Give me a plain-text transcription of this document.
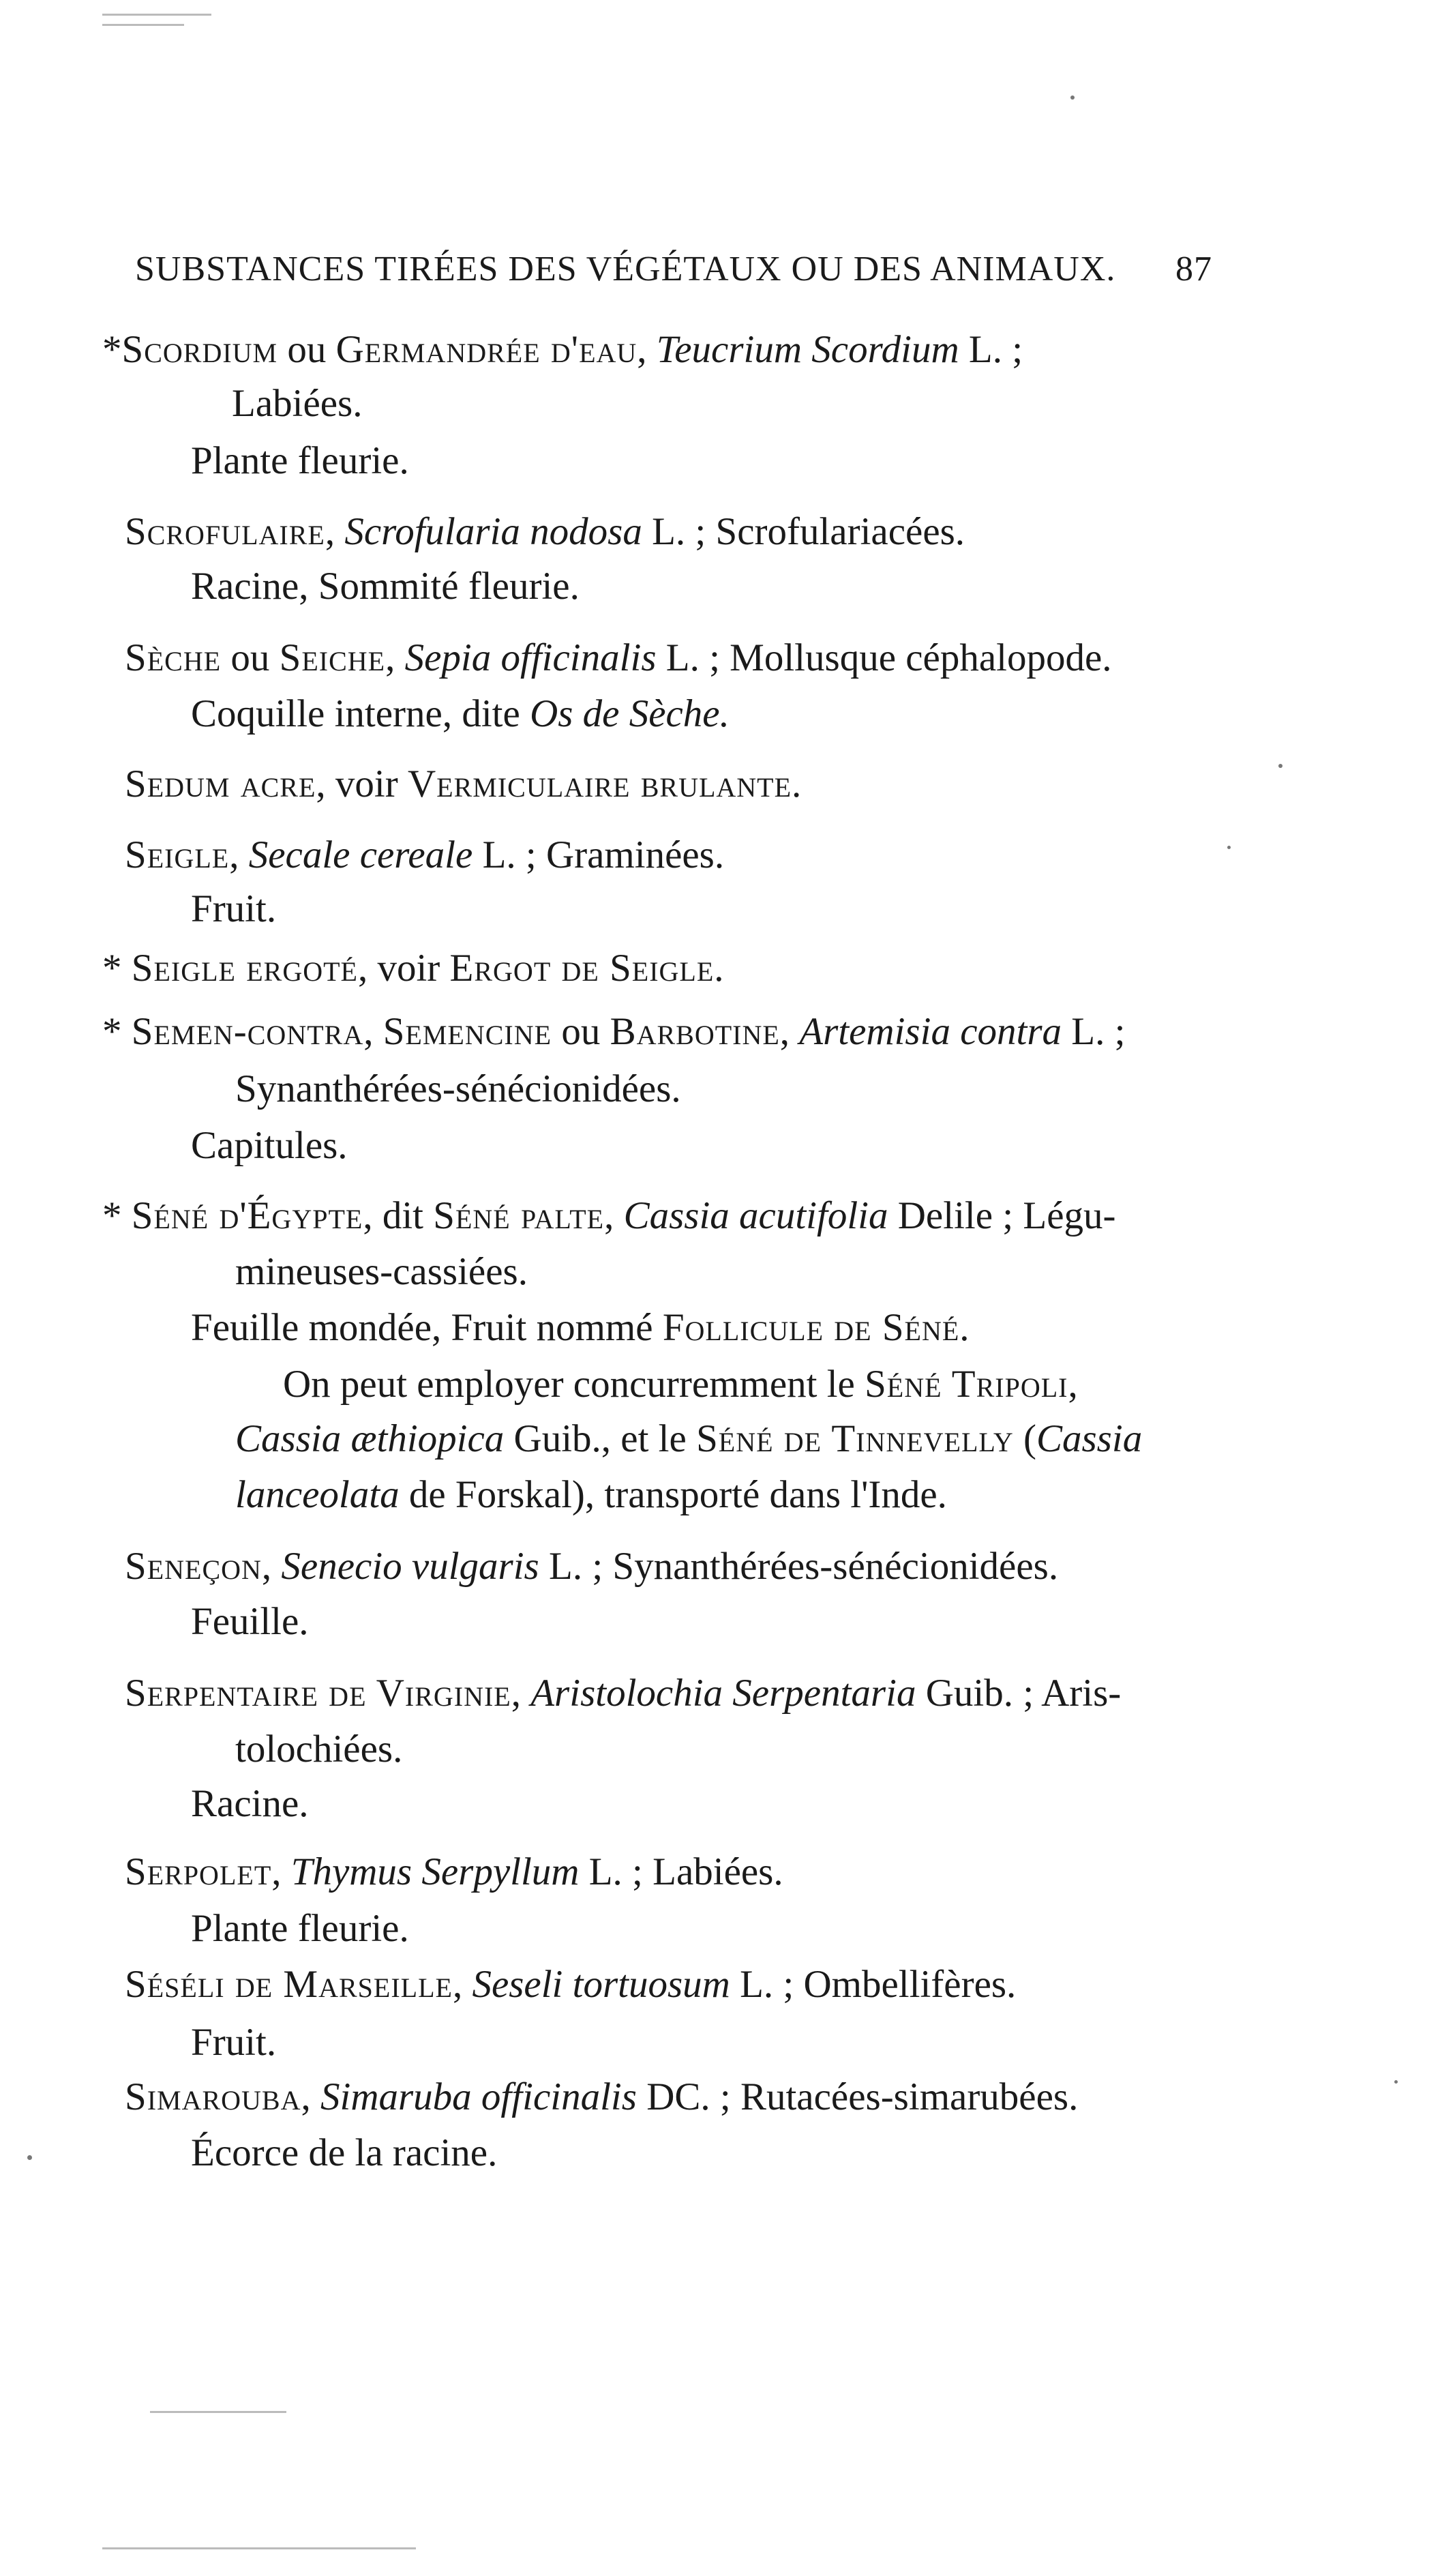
SUBSTANCES TIRÉES DES VÉGÉTAUX OU DES ANIMAUX. 87
*Scordium ou Germandrée d'eau, Teucrium Scordium L. ;
Labiées.
Plante fleurie.
Scrofulaire, Scrofularia nodosa L. ; Scrofulariacées.
Racine, Sommité fleurie.
Sèche ou Seiche, Sepia officinalis L. ; Mollusque céphalopode.
Coquille interne, dite Os de Sèche.
Sedum acre, voir Vermiculaire brulante.
Seigle, Secale cereale L. ; Graminées.
Fruit.
* Seigle ergoté, voir Ergot de Seigle.
* Semen-contra, Semencine ou Barbotine, Artemisia contra L. ;
Synanthérées-sénécionidées.
Capitules.
* Séné d'Égypte, dit Séné palte, Cassia acutifolia Delile ; Légu-
mineuses-cassiées.
Feuille mondée, Fruit nommé Follicule de Séné.
On peut employer concurremment le Séné Tripoli,
Cassia æthiopica Guib., et le Séné de Tinnevelly (Cassia
lanceolata de Forskal), transporté dans l'Inde.
Seneçon, Senecio vulgaris L. ; Synanthérées-sénécionidées.
Feuille.
Serpentaire de Virginie, Aristolochia Serpentaria Guib. ; Aris-
tolochiées.
Racine.
Serpolet, Thymus Serpyllum L. ; Labiées.
Plante fleurie.
Séséli de Marseille, Seseli tortuosum L. ; Ombellifères.
Fruit.
Simarouba, Simaruba officinalis DC. ; Rutacées-simarubées.
Écorce de la racine.
